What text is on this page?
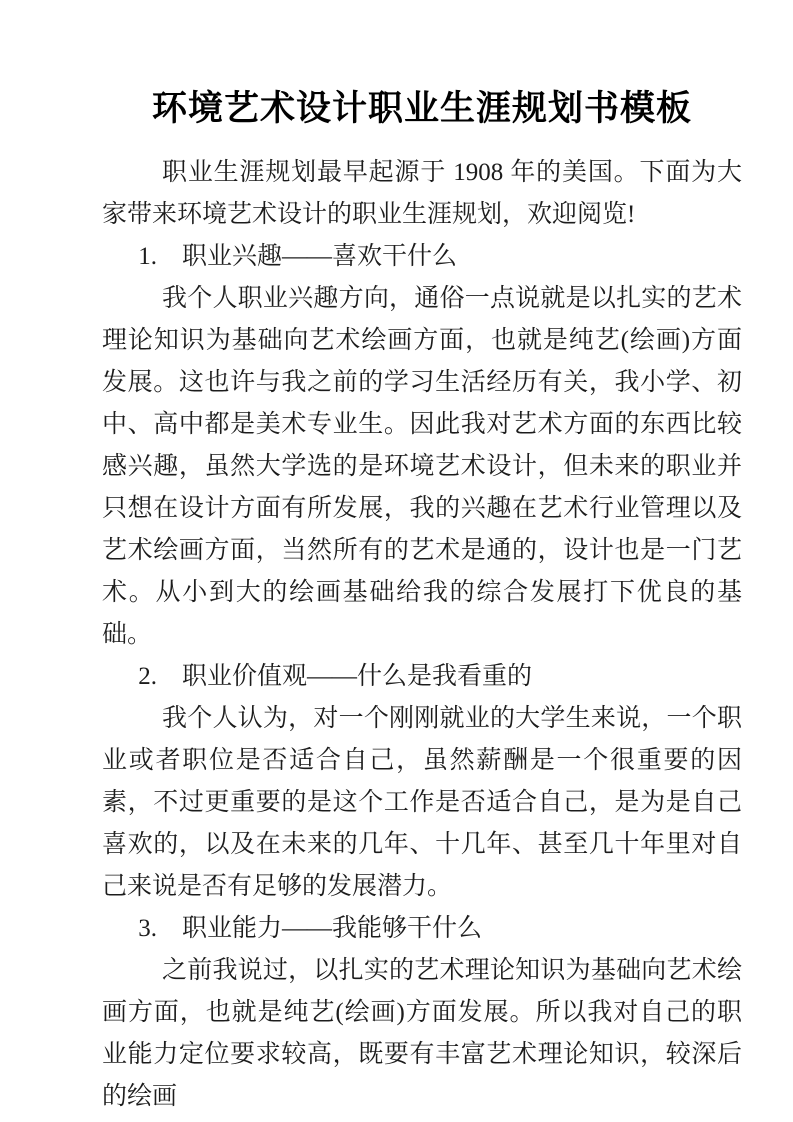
环境艺术设计职业生涯规划书模板

职业生涯规划最早起源于 1908 年的美国。下面为大家带来环境艺术设计的职业生涯规划，欢迎阅览!

1.　职业兴趣——喜欢干什么

我个人职业兴趣方向，通俗一点说就是以扎实的艺术理论知识为基础向艺术绘画方面，也就是纯艺(绘画)方面发展。这也许与我之前的学习生活经历有关，我小学、初中、高中都是美术专业生。因此我对艺术方面的东西比较感兴趣，虽然大学选的是环境艺术设计，但未来的职业并只想在设计方面有所发展，我的兴趣在艺术行业管理以及艺术绘画方面，当然所有的艺术是通的，设计也是一门艺术。从小到大的绘画基础给我的综合发展打下优良的基础。

2.　职业价值观——什么是我看重的

我个人认为，对一个刚刚就业的大学生来说，一个职业或者职位是否适合自己，虽然薪酬是一个很重要的因素，不过更重要的是这个工作是否适合自己，是为是自己喜欢的，以及在未来的几年、十几年、甚至几十年里对自己来说是否有足够的发展潜力。

3.　职业能力——我能够干什么

之前我说过，以扎实的艺术理论知识为基础向艺术绘画方面，也就是纯艺(绘画)方面发展。所以我对自己的职业能力定位要求较高，既要有丰富艺术理论知识，较深后的绘画
